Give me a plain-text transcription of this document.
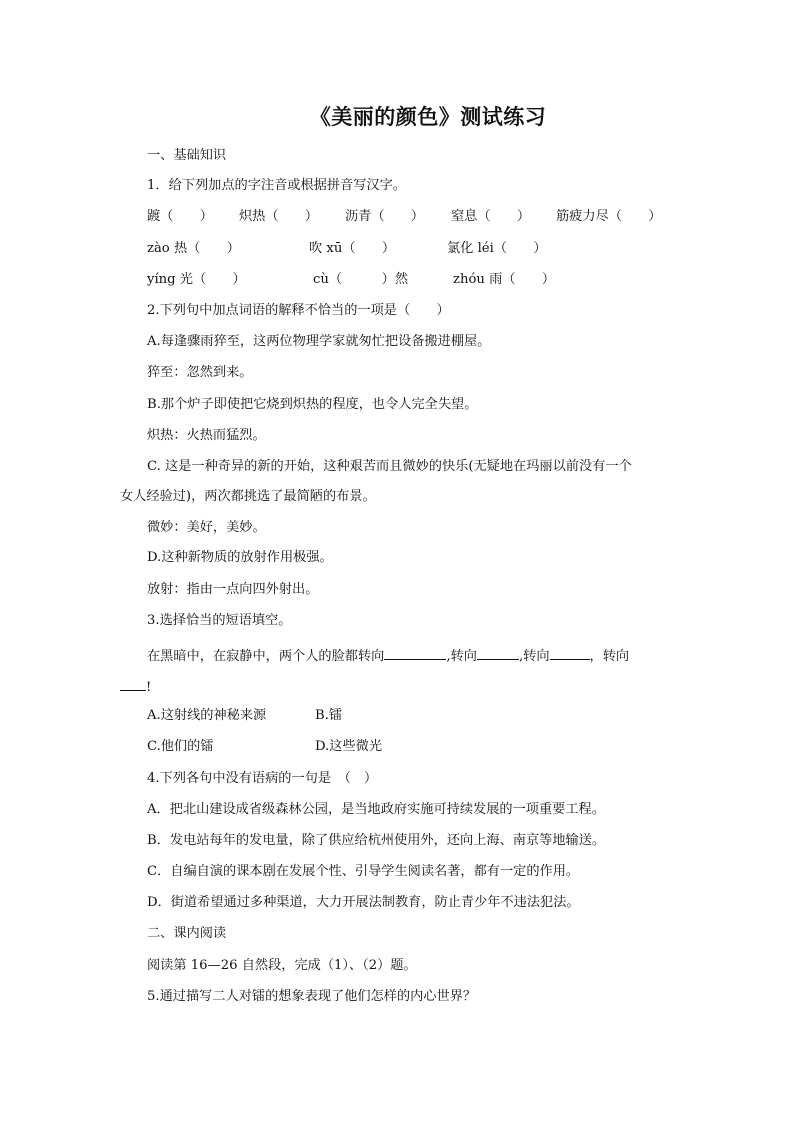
《美丽的颜色》测试练习
一、基础知识
1．给下列加点的字注音或根据拼音写汉字。
踱（　　） 炽热（　　） 沥青（　　） 窒息（　　） 筋疲力尽（　　）
zào 热（　　）	吹 xū（　　）	氯化 léi（　　）
yíng 光（　　）	cù（　　　）然	zhóu 雨（　　）
2.下列句中加点词语的解释不恰当的一项是（　　）
A.每逢骤雨猝至，这两位物理学家就匆忙把设备搬进棚屋。
猝至：忽然到来。
B.那个炉子即使把它烧到炽热的程度，也令人完全失望。
炽热：火热而猛烈。
C. 这是一种奇异的新的开始，这种艰苦而且微妙的快乐(无疑地在玛丽以前没有一个
女人经验过)，两次都挑选了最简陋的布景。
微妙：美好，美妙。
D.这种新物质的放射作用极强。
放射：指由一点向四外射出。
3.选择恰当的短语填空。
在黑暗中，在寂静中，两个人的脸都转向	,转向	,转向	，转向
!
A.这射线的神秘来源	B.镭
C.他们的镭	D.这些微光
4.下列各句中没有语病的一句是　（　）
A．把北山建设成省级森林公园，是当地政府实施可持续发展的一项重要工程。
B．发电站每年的发电量，除了供应给杭州使用外，还向上海、南京等地输送。
C．自编自演的课本剧在发展个性、引导学生阅读名著，都有一定的作用。
D．街道希望通过多种渠道，大力开展法制教育，防止青少年不违法犯法。
二、课内阅读
阅读第 16—26 自然段，完成（1）、（2）题。
5.通过描写二人对镭的想象表现了他们怎样的内心世界？
